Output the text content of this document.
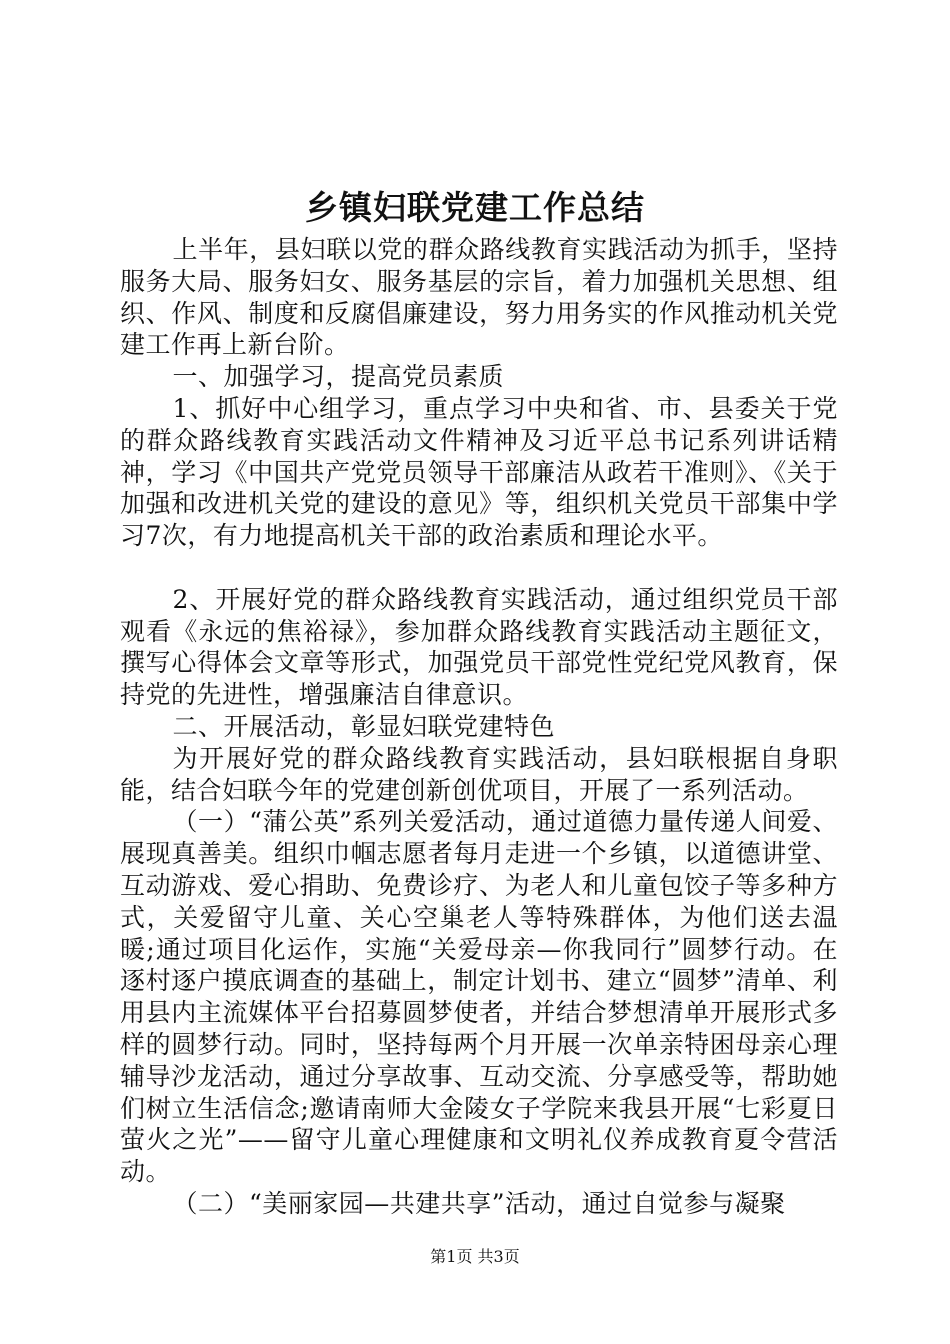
乡镇妇联党建工作总结

上半年，县妇联以党的群众路线教育实践活动为抓手，坚持服务大局、服务妇女、服务基层的宗旨，着力加强机关思想、组织、作风、制度和反腐倡廉建设，努力用务实的作风推动机关党建工作再上新台阶。

一、加强学习，提高党员素质

1、抓好中心组学习，重点学习中央和省、市、县委关于党的群众路线教育实践活动文件精神及习近平总书记系列讲话精神，学习《中国共产党党员领导干部廉洁从政若干准则》、《关于加强和改进机关党的建设的意见》等，组织机关党员干部集中学习7次，有力地提高机关干部的政治素质和理论水平。

2、开展好党的群众路线教育实践活动，通过组织党员干部观看《永远的焦裕禄》，参加群众路线教育实践活动主题征文，撰写心得体会文章等形式，加强党员干部党性党纪党风教育，保持党的先进性，增强廉洁自律意识。

二、开展活动，彰显妇联党建特色

为开展好党的群众路线教育实践活动，县妇联根据自身职能，结合妇联今年的党建创新创优项目，开展了一系列活动。

（一）“蒲公英”系列关爱活动，通过道德力量传递人间爱、展现真善美。组织巾帼志愿者每月走进一个乡镇，以道德讲堂、互动游戏、爱心捐助、免费诊疗、为老人和儿童包饺子等多种方式，关爱留守儿童、关心空巢老人等特殊群体，为他们送去温暖;通过项目化运作，实施“关爱母亲—你我同行”圆梦行动。在逐村逐户摸底调查的基础上，制定计划书、建立“圆梦”清单、利用县内主流媒体平台招募圆梦使者，并结合梦想清单开展形式多样的圆梦行动。同时，坚持每两个月开展一次单亲特困母亲心理辅导沙龙活动，通过分享故事、互动交流、分享感受等，帮助她们树立生活信念;邀请南师大金陵女子学院来我县开展“七彩夏日萤火之光”——留守儿童心理健康和文明礼仪养成教育夏令营活动。

（二）“美丽家园—共建共享”活动，通过自觉参与凝聚

第1页 共3页
